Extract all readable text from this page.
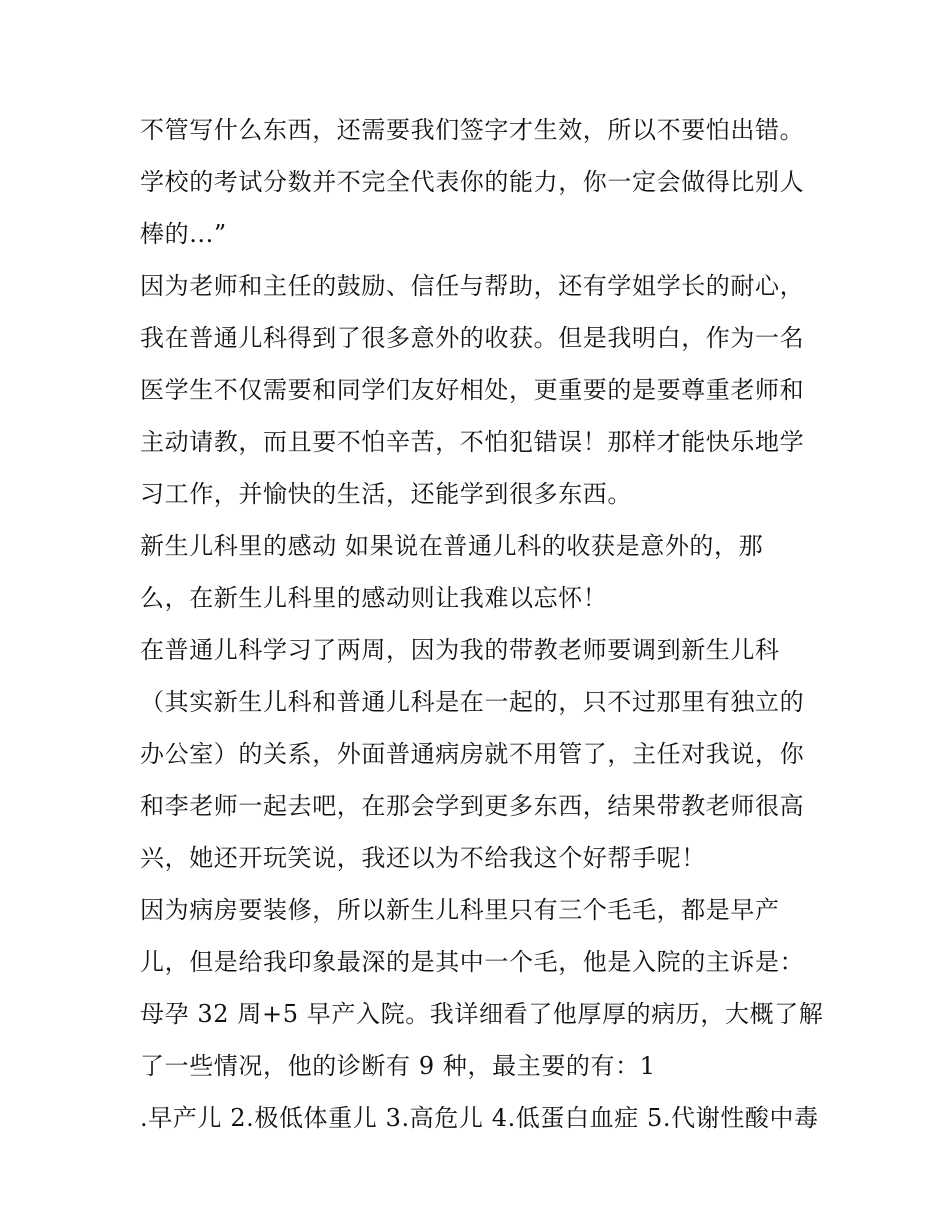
不管写什么东西，还需要我们签字才生效，所以不要怕出错。
学校的考试分数并不完全代表你的能力，你一定会做得比别人
棒的...”
因为老师和主任的鼓励、信任与帮助，还有学姐学长的耐心，
我在普通儿科得到了很多意外的收获。但是我明白，作为一名
医学生不仅需要和同学们友好相处，更重要的是要尊重老师和
主动请教，而且要不怕辛苦，不怕犯错误！那样才能快乐地学
习工作，并愉快的生活，还能学到很多东西。
新生儿科里的感动 如果说在普通儿科的收获是意外的，那
么，在新生儿科里的感动则让我难以忘怀！
在普通儿科学习了两周，因为我的带教老师要调到新生儿科
（其实新生儿科和普通儿科是在一起的，只不过那里有独立的
办公室）的关系，外面普通病房就不用管了，主任对我说，你
和李老师一起去吧，在那会学到更多东西，结果带教老师很高
兴，她还开玩笑说，我还以为不给我这个好帮手呢！
因为病房要装修，所以新生儿科里只有三个毛毛，都是早产
儿，但是给我印象最深的是其中一个毛，他是入院的主诉是：
母孕 32 周+5 早产入院。我详细看了他厚厚的病历，大概了解
了一些情况，他的诊断有 9 种，最主要的有：1
.早产儿 2.极低体重儿 3.高危儿 4.低蛋白血症 5.代谢性酸中毒
